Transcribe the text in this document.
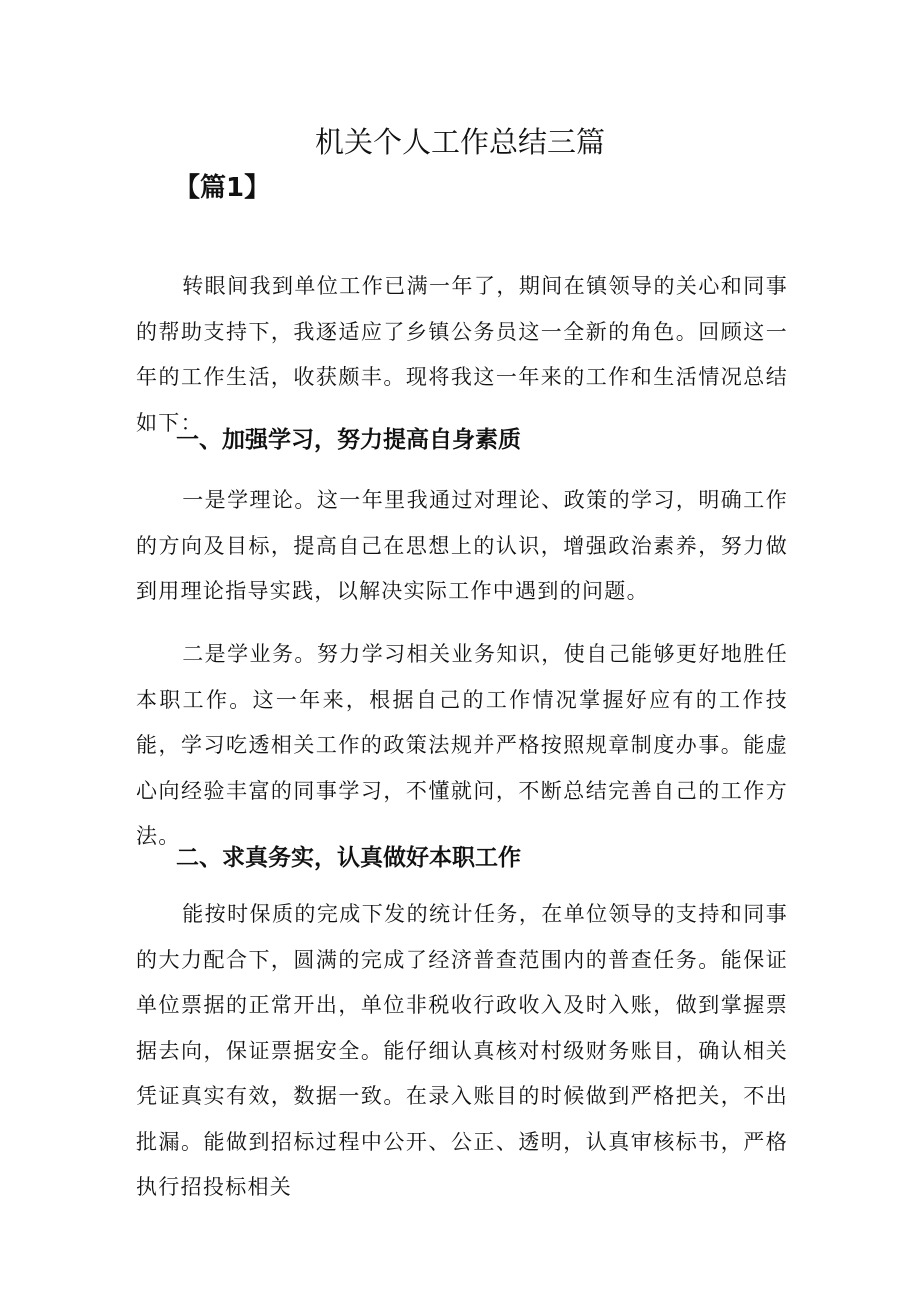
机关个人工作总结三篇
【篇1】

转眼间我到单位工作已满一年了，期间在镇领导的关心和同事的帮助支持下，我逐适应了乡镇公务员这一全新的角色。回顾这一年的工作生活，收获颇丰。现将我这一年来的工作和生活情况总结如下：

一、加强学习，努力提高自身素质

一是学理论。这一年里我通过对理论、政策的学习，明确工作的方向及目标，提高自己在思想上的认识，增强政治素养，努力做到用理论指导实践，以解决实际工作中遇到的问题。

二是学业务。努力学习相关业务知识，使自己能够更好地胜任本职工作。这一年来，根据自己的工作情况掌握好应有的工作技能，学习吃透相关工作的政策法规并严格按照规章制度办事。能虚心向经验丰富的同事学习，不懂就问，不断总结完善自己的工作方法。

二、求真务实，认真做好本职工作

能按时保质的完成下发的统计任务，在单位领导的支持和同事的大力配合下，圆满的完成了经济普查范围内的普查任务。能保证单位票据的正常开出，单位非税收行政收入及时入账，做到掌握票据去向，保证票据安全。能仔细认真核对村级财务账目，确认相关凭证真实有效，数据一致。在录入账目的时候做到严格把关，不出批漏。能做到招标过程中公开、公正、透明，认真审核标书，严格执行招投标相关
